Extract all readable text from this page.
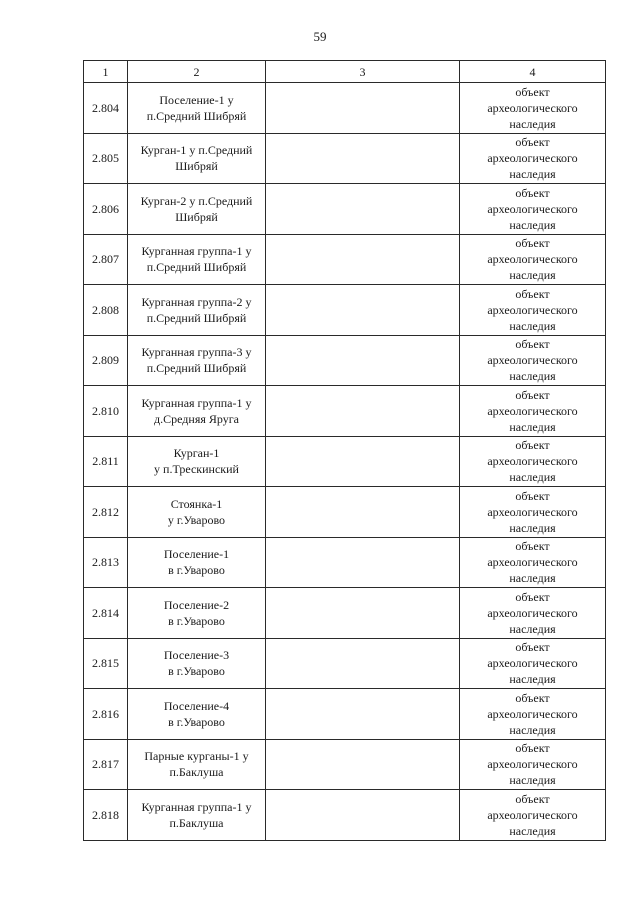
59
1	2	3	4
2.804	Поселение-1 у
п.Средний Шибряй		объект
археологического
наследия
2.805	Курган-1 у п.Средний
Шибряй		объект
археологического
наследия
2.806	Курган-2 у п.Средний
Шибряй		объект
археологического
наследия
2.807	Курганная группа-1 у
п.Средний Шибряй		объект
археологического
наследия
2.808	Курганная группа-2 у
п.Средний Шибряй		объект
археологического
наследия
2.809	Курганная группа-3 у
п.Средний Шибряй		объект
археологического
наследия
2.810	Курганная группа-1 у
д.Средняя Яруга		объект
археологического
наследия
2.811	Курган-1
у п.Трескинский		объект
археологического
наследия
2.812	Стоянка-1
у г.Уварово		объект
археологического
наследия
2.813	Поселение-1
в г.Уварово		объект
археологического
наследия
2.814	Поселение-2
в г.Уварово		объект
археологического
наследия
2.815	Поселение-3
в г.Уварово		объект
археологического
наследия
2.816	Поселение-4
в г.Уварово		объект
археологического
наследия
2.817	Парные курганы-1 у
п.Баклуша		объект
археологического
наследия
2.818	Курганная группа-1 у
п.Баклуша		объект
археологического
наследия
